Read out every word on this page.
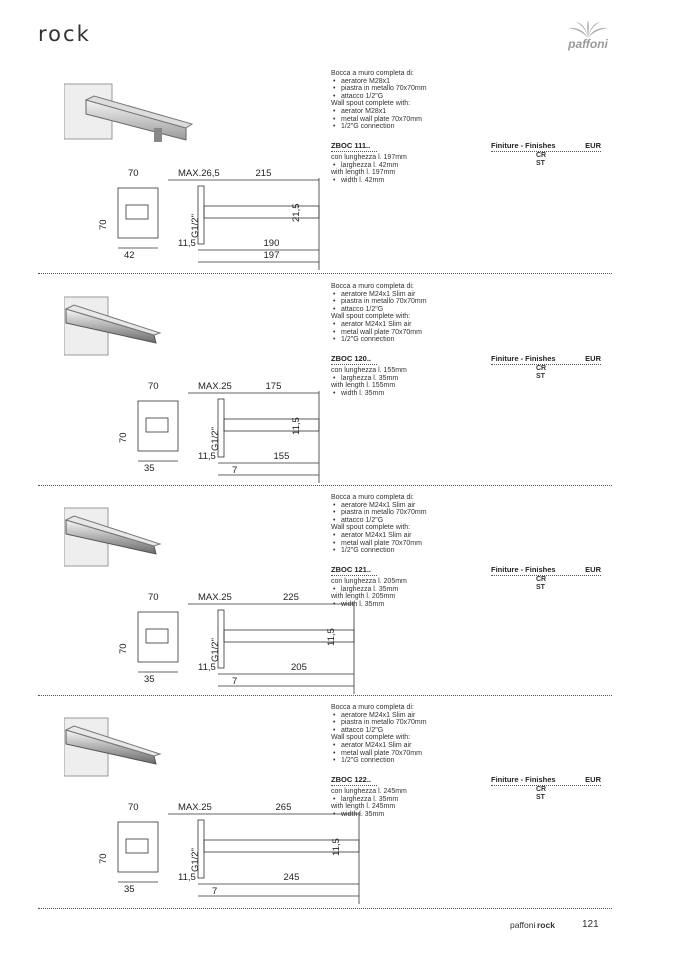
rock	paffoni
Bocca a muro completa di:
• aeratore M28x1
• piastra in metallo 70x70mm
• attacco 1/2"G
Wall spout complete with:
• aerator M28x1
• metal wall plate 70x70mm
• 1/2"G connection
ZBOC 111..	Finiture - Finishes	EUR
con lunghezza l. 197mm
• larghezza l. 42mm
with length l. 197mm
• width l. 42mm
CR
ST
70	MAX.26,5	215
70	G1/2"
21,5
11,5
42
190
197
Bocca a muro completa di:
• aeratore M24x1 Slim air
• piastra in metallo 70x70mm
• attacco 1/2"G
Wall spout complete with:
• aerator M24x1 Slim air
• metal wall plate 70x70mm
• 1/2"G connection
ZBOC 120..	Finiture - Finishes	EUR
con lunghezza l. 155mm
• larghezza l. 35mm
with length l. 155mm
• width l. 35mm
CR
ST
70	MAX.25	175
70	G1/2"
11,5
11,5
35
155
7
Bocca a muro completa di:
• aeratore M24x1 Slim air
• piastra in metallo 70x70mm
• attacco 1/2"G
Wall spout complete with:
• aerator M24x1 Slim air
• metal wall plate 70x70mm
• 1/2"G connection
ZBOC 121..	Finiture - Finishes	EUR
con lunghezza l. 205mm
• larghezza l. 35mm
with length l. 205mm
• width l. 35mm
CR
ST
70	MAX.25	225
70	G1/2"
11,5
11,5
35
205
7
Bocca a muro completa di:
• aeratore M24x1 Slim air
• piastra in metallo 70x70mm
• attacco 1/2"G
Wall spout complete with:
• aerator M24x1 Slim air
• metal wall plate 70x70mm
• 1/2"G connection
ZBOC 122..	Finiture - Finishes	EUR
con lunghezza l. 245mm
• larghezza l. 35mm
with length l. 245mm
• width l. 35mm
CR
ST
70	MAX.25	265
70	G1/2"
11,5
11,5
35
245
7
paffoni rock	121
